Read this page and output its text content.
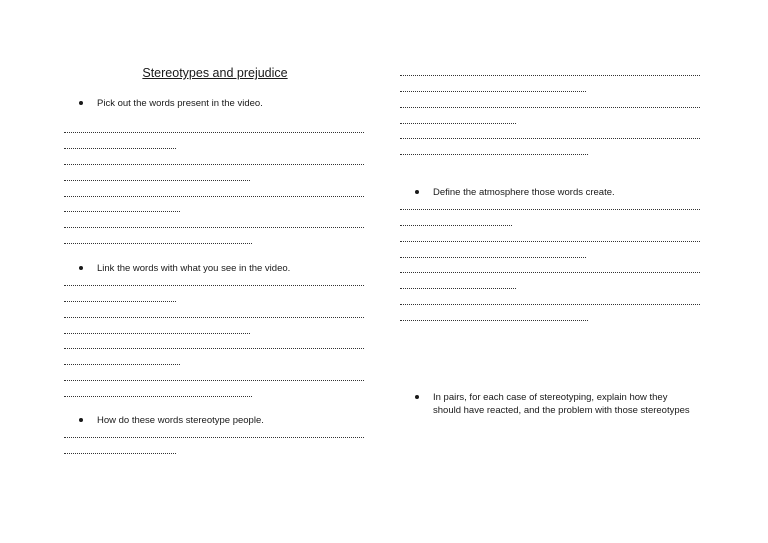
Stereotypes and prejudice
Pick out the words present in the video.
Link the words with what you see in the video.
How do these words stereotype people.
Define the atmosphere those words create.
In pairs, for each case of stereotyping, explain how they should have reacted, and the problem with those stereotypes
